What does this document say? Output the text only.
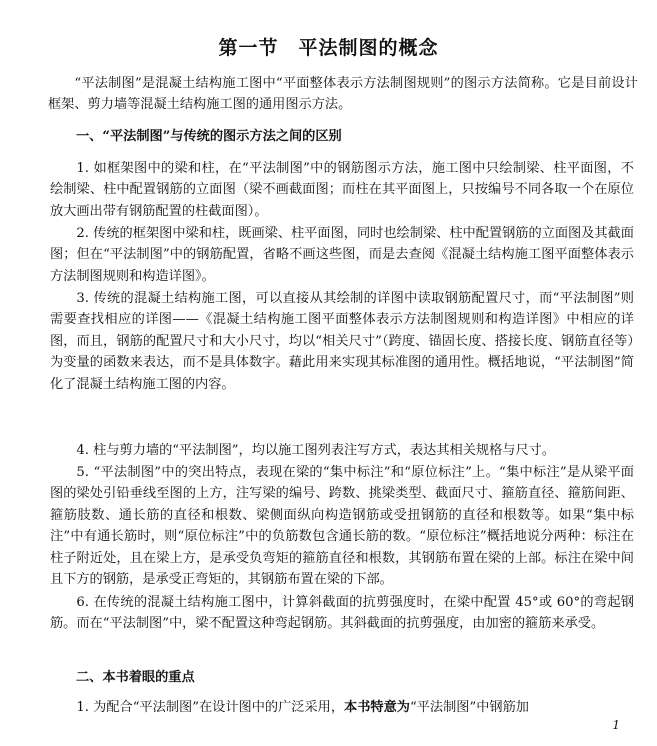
第一节　平法制图的概念

“平法制图”是混凝土结构施工图中“平面整体表示方法制图规则”的图示方法简称。它是目前设计框架、剪力墙等混凝土结构施工图的通用图示方法。

一、“平法制图”与传统的图示方法之间的区别

1. 如框架图中的梁和柱，在“平法制图”中的钢筋图示方法，施工图中只绘制梁、柱平面图，不绘制梁、柱中配置钢筋的立面图（梁不画截面图；而柱在其平面图上，只按编号不同各取一个在原位放大画出带有钢筋配置的柱截面图）。

2. 传统的框架图中梁和柱，既画梁、柱平面图，同时也绘制梁、柱中配置钢筋的立面图及其截面图；但在“平法制图”中的钢筋配置，省略不画这些图，而是去查阅《混凝土结构施工图平面整体表示方法制图规则和构造详图》。

3. 传统的混凝土结构施工图，可以直接从其绘制的详图中读取钢筋配置尺寸，而“平法制图”则需要查找相应的详图——《混凝土结构施工图平面整体表示方法制图规则和构造详图》中相应的详图，而且，钢筋的配置尺寸和大小尺寸，均以“相关尺寸”（跨度、锚固长度、搭接长度、钢筋直径等）为变量的函数来表达，而不是具体数字。藉此用来实现其标准图的通用性。概括地说，“平法制图”简化了混凝土结构施工图的内容。

4. 柱与剪力墙的“平法制图”，均以施工图列表注写方式，表达其相关规格与尺寸。

5. “平法制图”中的突出特点，表现在梁的“集中标注”和“原位标注”上。“集中标注”是从梁平面图的梁处引铅垂线至图的上方，注写梁的编号、跨数、挑梁类型、截面尺寸、箍筋直径、箍筋间距、箍筋肢数、通长筋的直径和根数、梁侧面纵向构造钢筋或受扭钢筋的直径和根数等。如果“集中标注”中有通长筋时，则“原位标注”中的负筋数包含通长筋的数。“原位标注”概括地说分两种：标注在柱子附近处，且在梁上方，是承受负弯矩的箍筋直径和根数，其钢筋布置在梁的上部。标注在梁中间且下方的钢筋，是承受正弯矩的，其钢筋布置在梁的下部。

6. 在传统的混凝土结构施工图中，计算斜截面的抗剪强度时，在梁中配置 45°或 60°的弯起钢筋。而在“平法制图”中，梁不配置这种弯起钢筋。其斜截面的抗剪强度，由加密的箍筋来承受。

二、本书着眼的重点

1. 为配合“平法制图”在设计图中的广泛采用，本书特意为“平法制图”中钢筋加

1
